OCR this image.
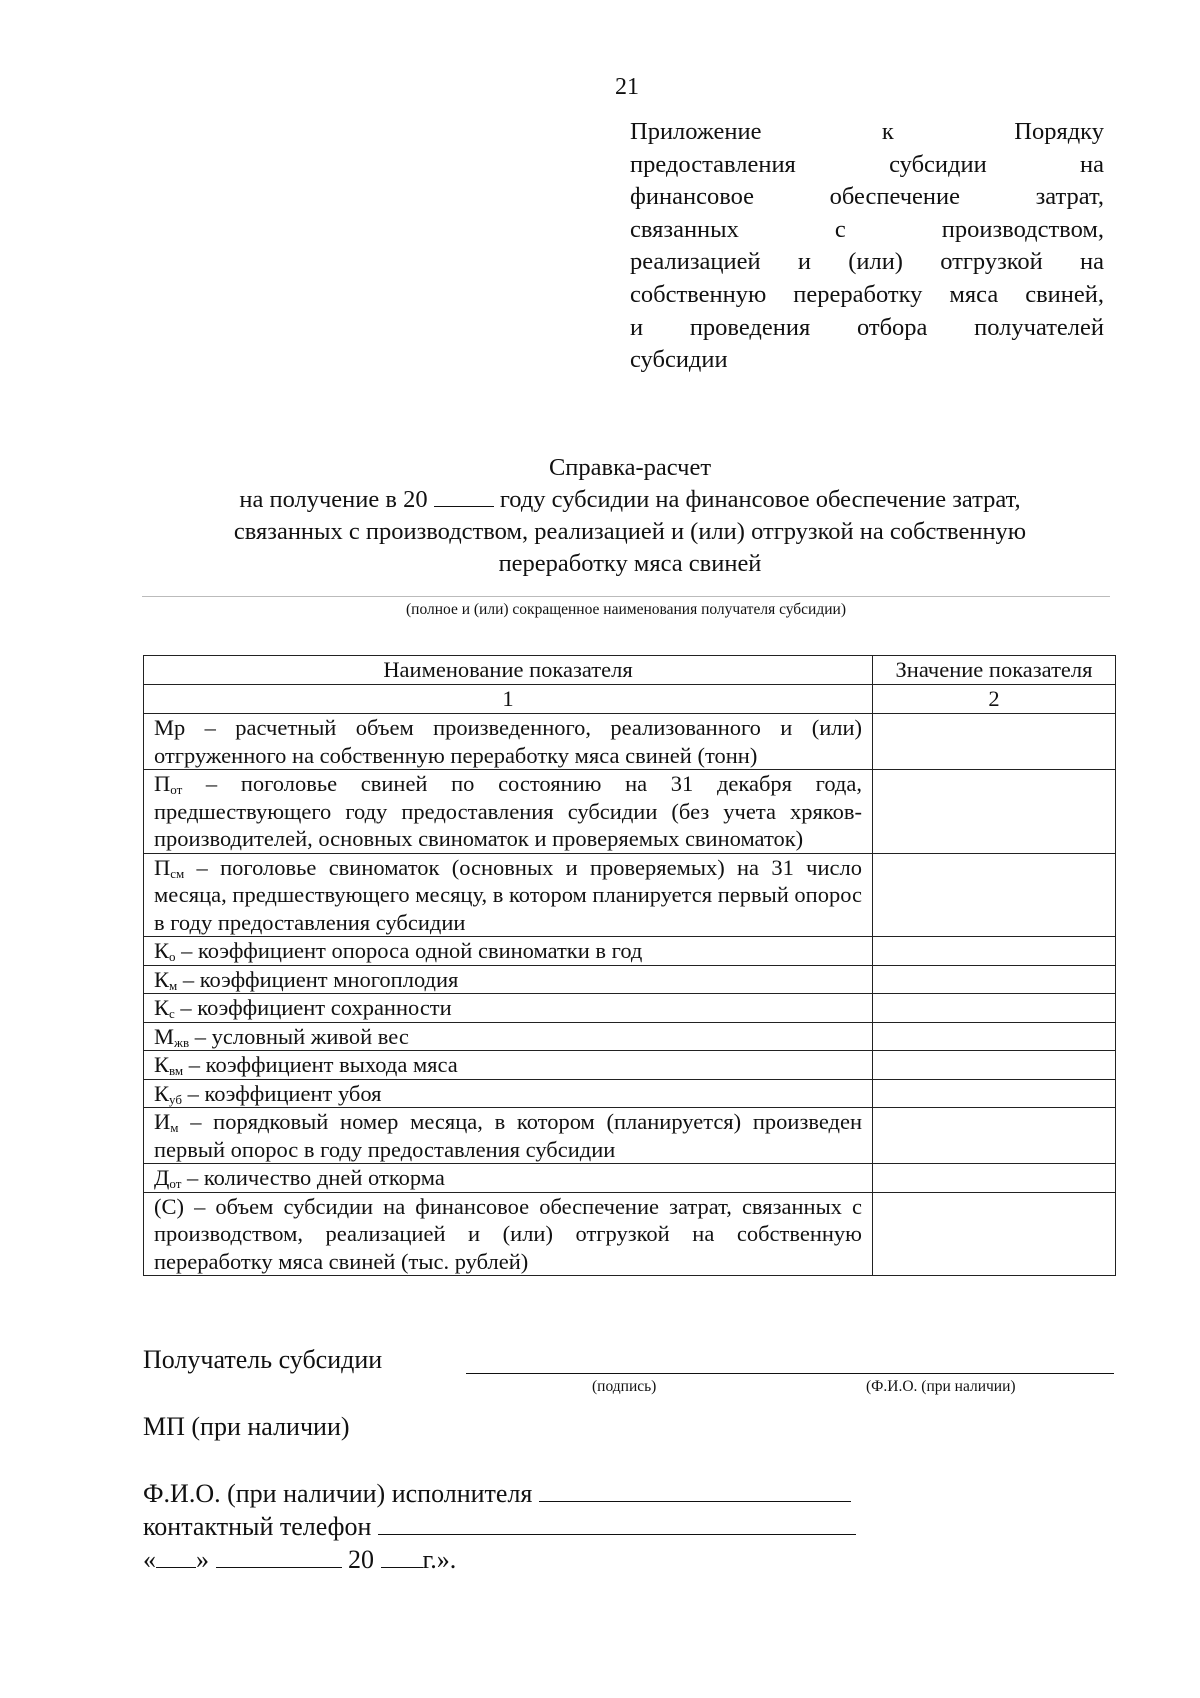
21
Приложение к Порядку
предоставления субсидии на
финансовое обеспечение затрат,
связанных с производством,
реализацией и (или) отгрузкой на
собственную переработку мяса свиней,
и проведения отбора получателей
субсидии
Справка-расчет
на получение в 20	году субсидии на финансовое обеспечение затрат,
связанных с производством, реализацией и (или) отгрузкой на собственную
переработку мяса свиней
(полное и (или) сокращенное наименования получателя субсидии)
Наименование показателя	Значение показателя
1	2
Мр – расчетный объем произведенного, реализованного и (или) отгруженного на собственную переработку мяса свиней (тонн)	
$П_{от}$ – поголовье свиней по состоянию на 31 декабря года, предшествующего году предоставления субсидии (без учета хряков-производителей, основных свиноматок и проверяемых свиноматок)	
$П_{см}$ – поголовье свиноматок (основных и проверяемых) на 31 число месяца, предшествующего месяцу, в котором планируется первый опорос в году предоставления субсидии	
$К_о$ – коэффициент опороса одной свиноматки в год	
$К_м$ – коэффициент многоплодия	
$К_с$ – коэффициент сохранности	
$М_{жв}$ – условный живой вес	
$К_{вм}$ – коэффициент выхода мяса	
$К_{уб}$ – коэффициент убоя	
$И_м$ – порядковый номер месяца, в котором (планируется) произведен первый опорос в году предоставления субсидии	
$Д_{от}$ – количество дней откорма	
(С) – объем субсидии на финансовое обеспечение затрат, связанных с производством, реализацией и (или) отгрузкой на собственную переработку мяса свиней (тыс. рублей)	
Получатель субсидии
(подпись)	(Ф.И.О. (при наличии)
МП (при наличии)
Ф.И.О. (при наличии) исполнителя
контактный телефон
« »	20 г.».
